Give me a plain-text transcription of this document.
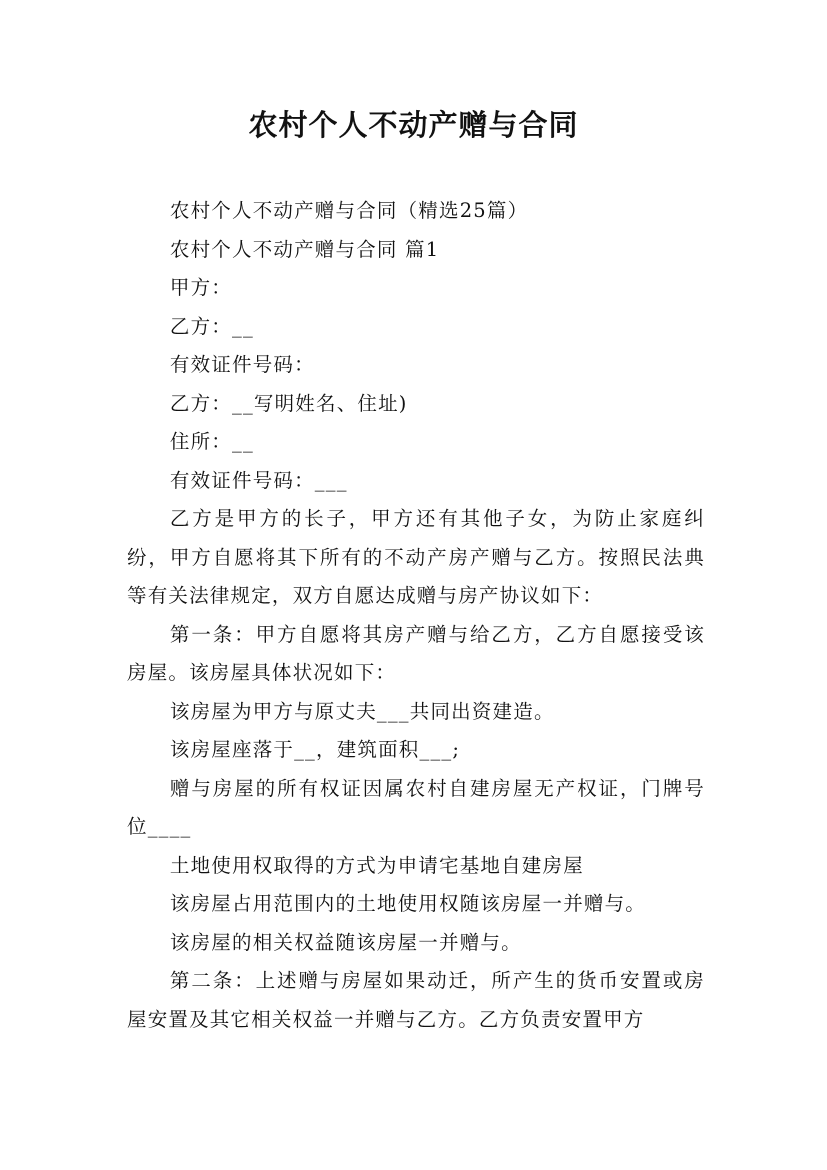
农村个人不动产赠与合同

农村个人不动产赠与合同（精选25篇）

农村个人不动产赠与合同 篇1

甲方：

乙方：__

有效证件号码：

乙方：__写明姓名、住址)

住所：__

有效证件号码：___

乙方是甲方的长子，甲方还有其他子女，为防止家庭纠纷，甲方自愿将其下所有的不动产房产赠与乙方。按照民法典等有关法律规定，双方自愿达成赠与房产协议如下：

第一条：甲方自愿将其房产赠与给乙方，乙方自愿接受该房屋。该房屋具体状况如下：

该房屋为甲方与原丈夫___共同出资建造。

该房屋座落于__，建筑面积___;

赠与房屋的所有权证因属农村自建房屋无产权证，门牌号位____

土地使用权取得的方式为申请宅基地自建房屋

该房屋占用范围内的土地使用权随该房屋一并赠与。

该房屋的相关权益随该房屋一并赠与。

第二条：上述赠与房屋如果动迁，所产生的货币安置或房屋安置及其它相关权益一并赠与乙方。乙方负责安置甲方
